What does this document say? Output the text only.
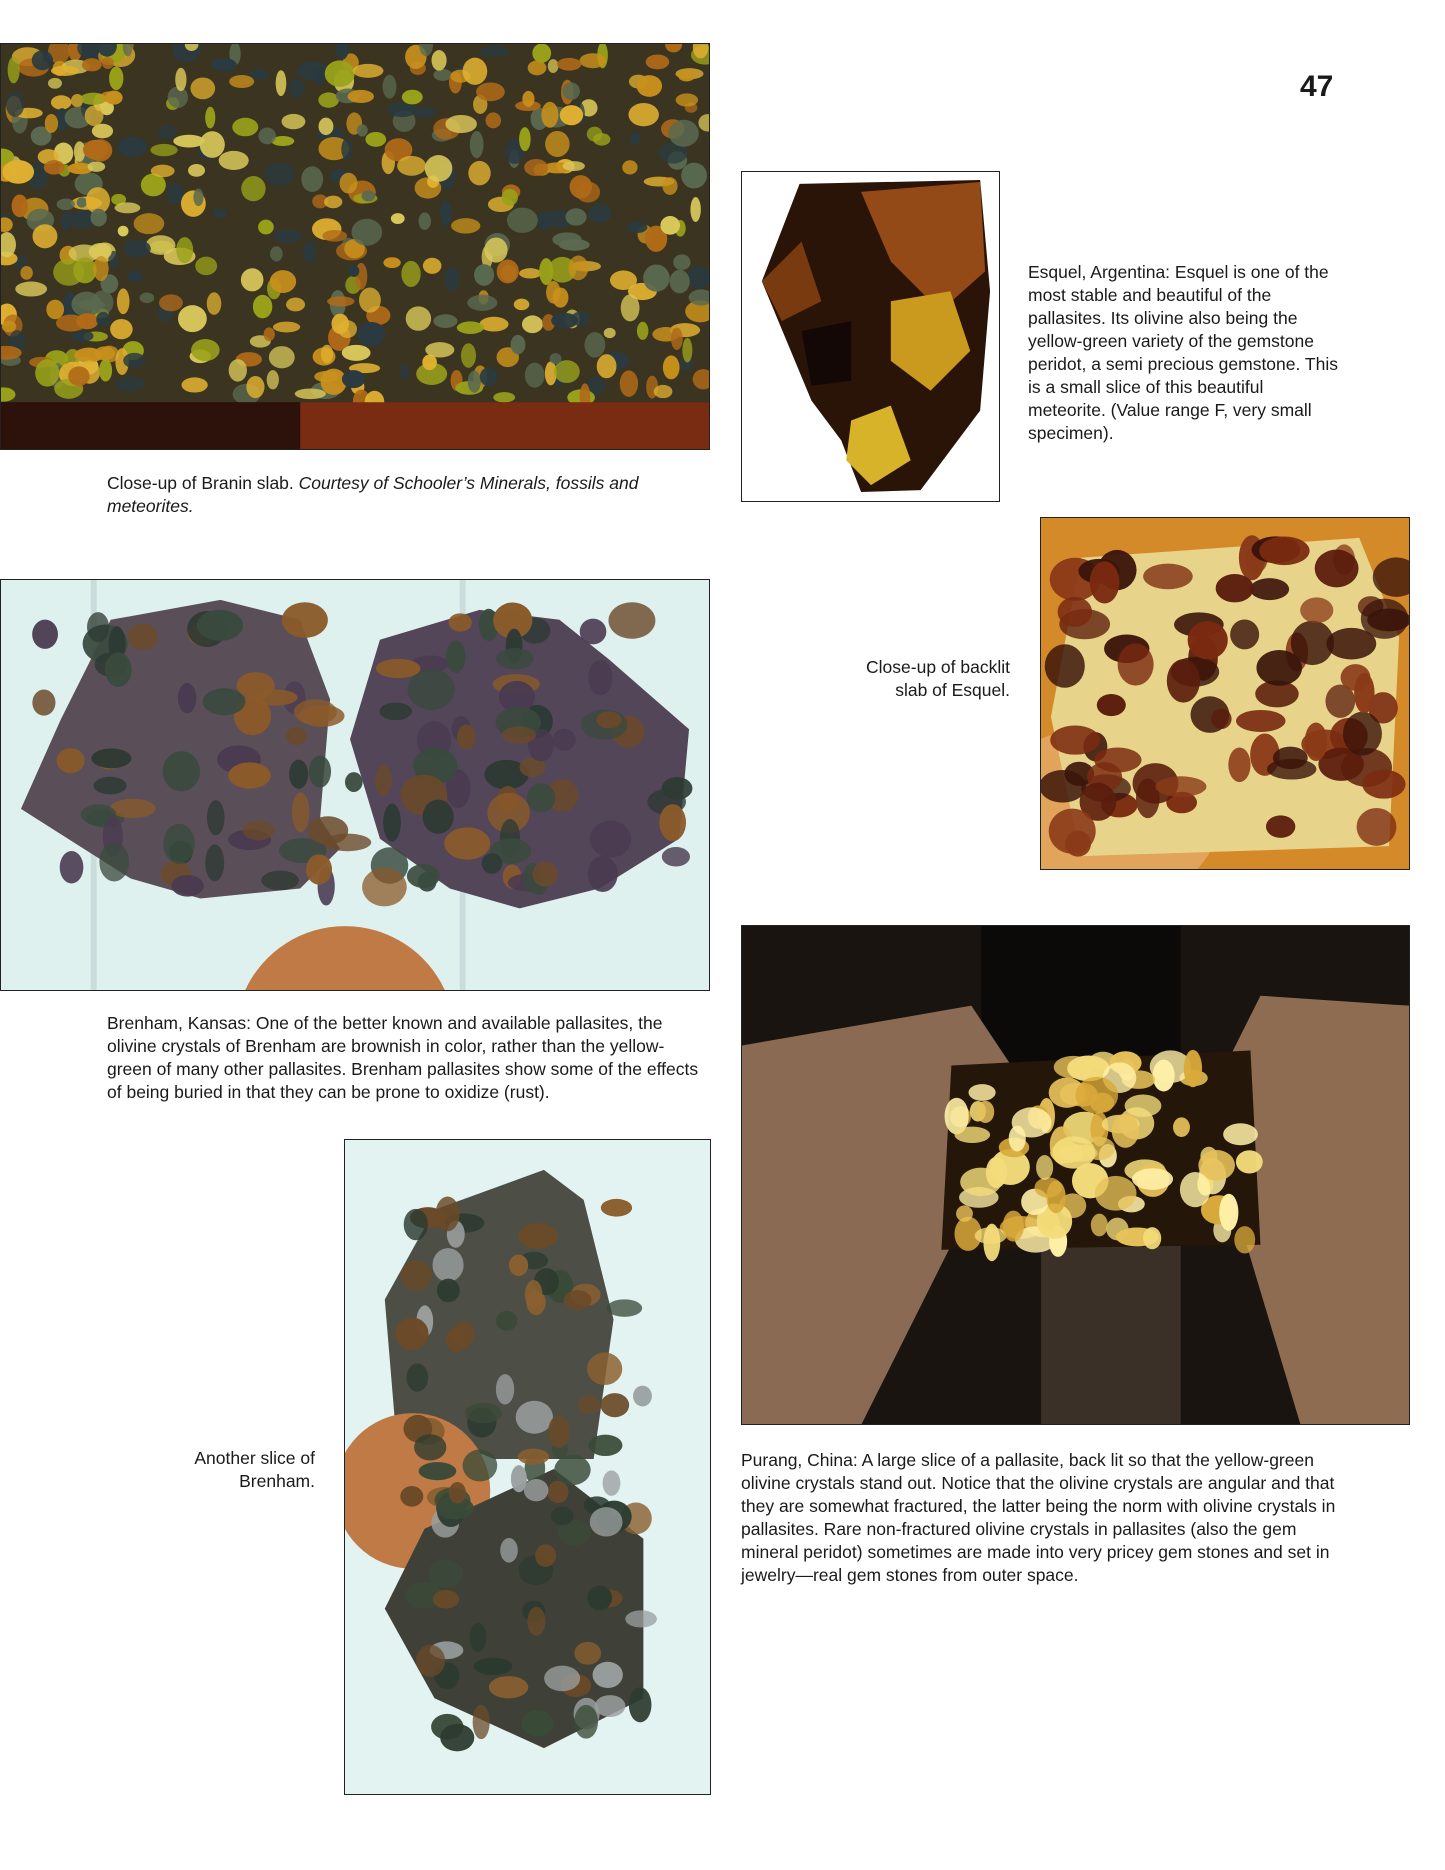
47
Close-up of Branin slab. Courtesy of Schooler’s Minerals, fossils and meteorites.
Esquel, Argentina: Esquel is one of the most stable and beautiful of the pallasites. Its olivine also being the yellow-green variety of the gemstone peridot, a semi precious gemstone. This is a small slice of this beautiful meteorite. (Value range F, very small specimen).
Close-up of backlit slab of Esquel.
Brenham, Kansas: One of the better known and available pallasites, the olivine crystals of Brenham are brownish in color, rather than the yellow-green of many other pallasites. Brenham pallasites show some of the effects of being buried in that they can be prone to oxidize (rust).
Purang, China: A large slice of a pallasite, back lit so that the yellow-green olivine crystals stand out. Notice that the olivine crystals are angular and that they are somewhat fractured, the latter being the norm with olivine crystals in pallasites. Rare non-fractured olivine crystals in pallasites (also the gem mineral peridot) sometimes are made into very pricey gem stones and set in jewelry—real gem stones from outer space.
Another slice of Brenham.
